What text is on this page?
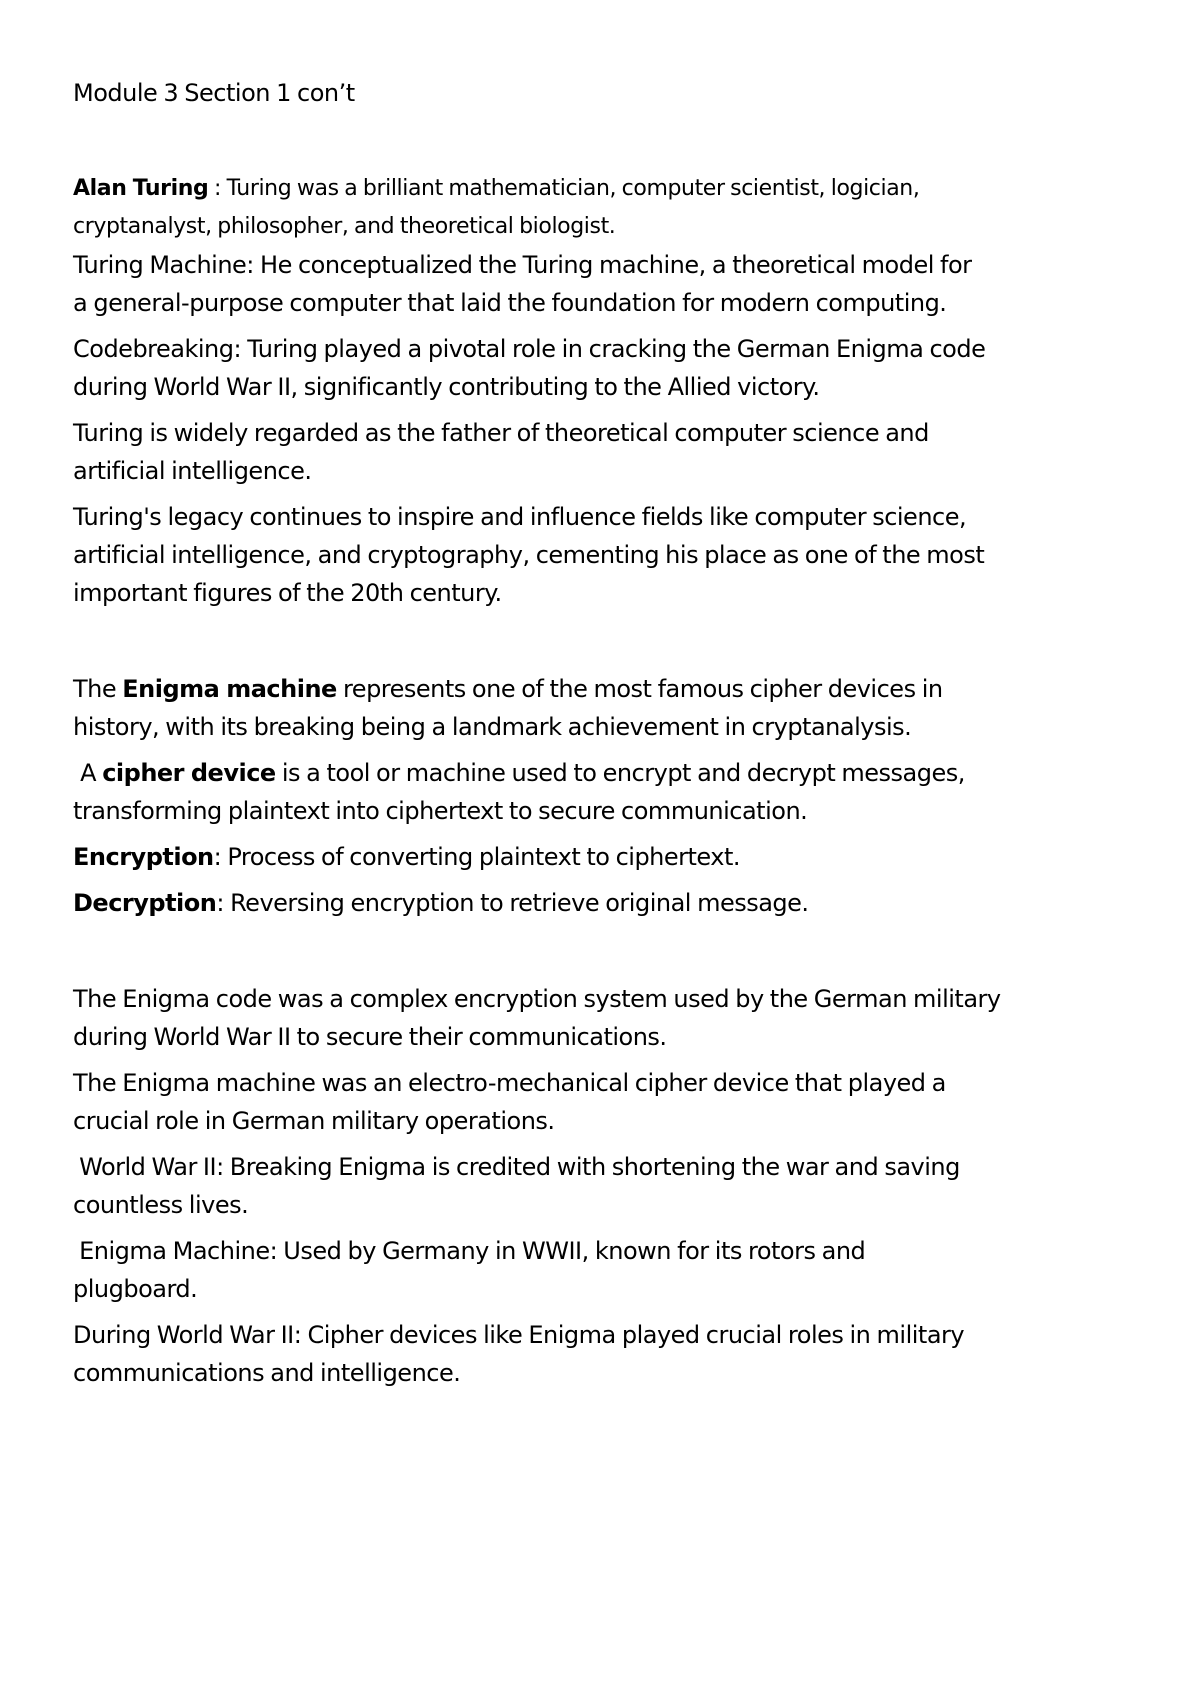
Module 3 Section 1 con’t
Alan Turing : Turing was a brilliant mathematician, computer scientist, logician,
cryptanalyst, philosopher, and theoretical biologist.
Turing Machine: He conceptualized the Turing machine, a theoretical model for
a general-purpose computer that laid the foundation for modern computing.
Codebreaking: Turing played a pivotal role in cracking the German Enigma code
during World War II, significantly contributing to the Allied victory.
Turing is widely regarded as the father of theoretical computer science and
artificial intelligence.
Turing's legacy continues to inspire and influence fields like computer science,
artificial intelligence, and cryptography, cementing his place as one of the most
important figures of the 20th century.
The Enigma machine represents one of the most famous cipher devices in
history, with its breaking being a landmark achievement in cryptanalysis.
A cipher device is a tool or machine used to encrypt and decrypt messages,
transforming plaintext into ciphertext to secure communication.
Encryption: Process of converting plaintext to ciphertext.
Decryption: Reversing encryption to retrieve original message.
The Enigma code was a complex encryption system used by the German military
during World War II to secure their communications.
The Enigma machine was an electro-mechanical cipher device that played a
crucial role in German military operations.
World War II: Breaking Enigma is credited with shortening the war and saving
countless lives.
Enigma Machine: Used by Germany in WWII, known for its rotors and
plugboard.
During World War II: Cipher devices like Enigma played crucial roles in military
communications and intelligence.
